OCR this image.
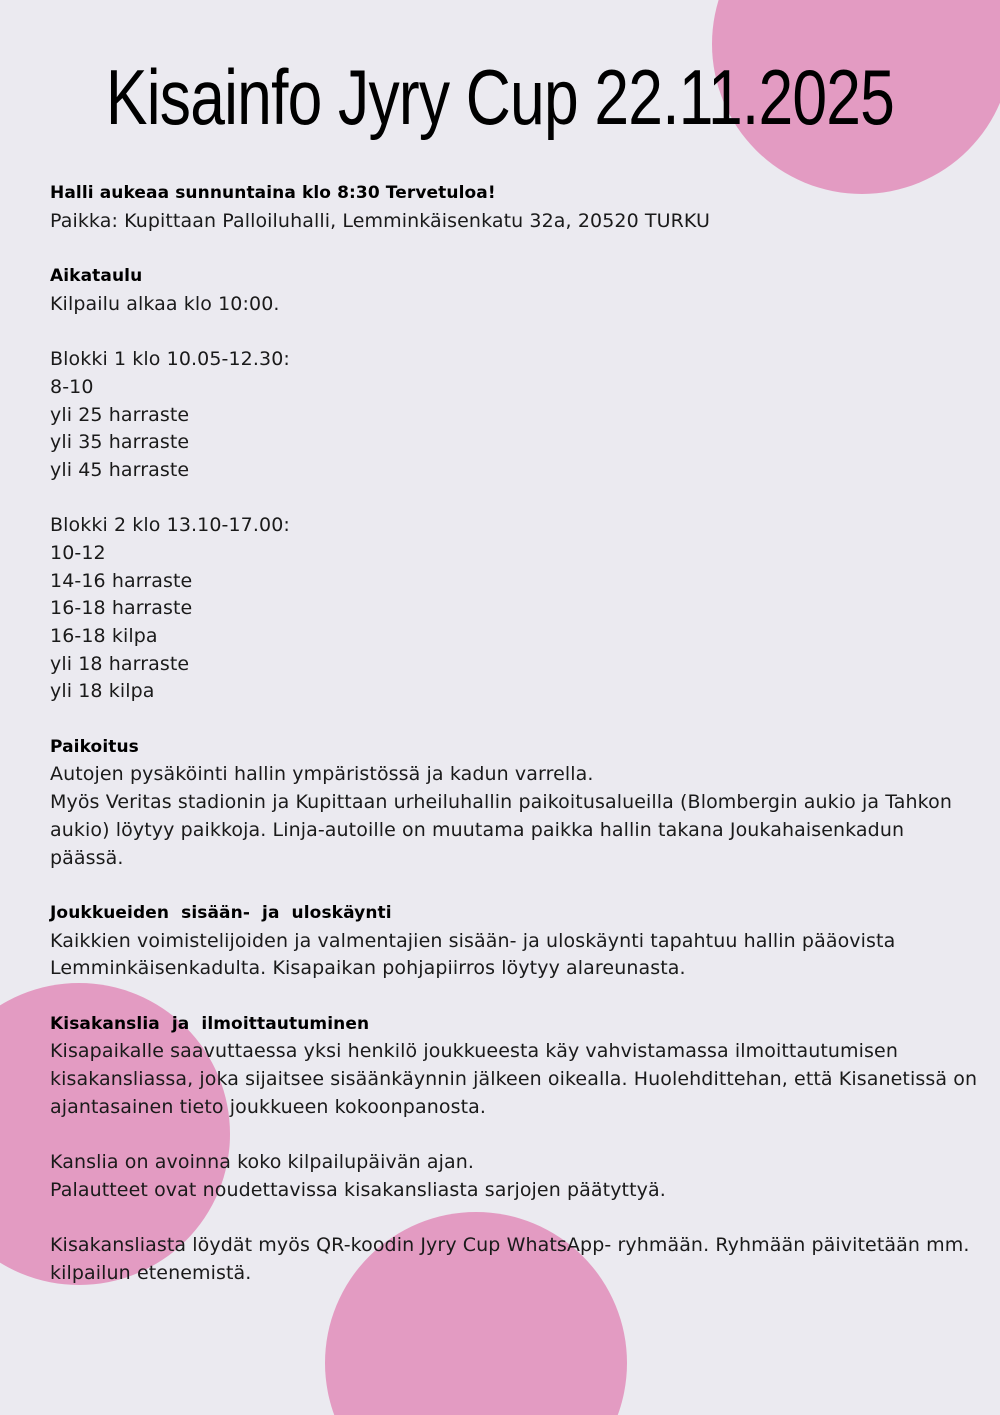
Kisainfo Jyry Cup 22.11.2025
Halli aukeaa sunnuntaina klo 8:30 Tervetuloa!
Paikka: Kupittaan Palloiluhalli, Lemminkäisenkatu 32a, 20520 TURKU
Aikataulu
Kilpailu alkaa klo 10:00.
Blokki 1 klo 10.05-12.30:
8-10
yli 25 harraste
yli 35 harraste
yli 45 harraste
Blokki 2 klo 13.10-17.00:
10-12
14-16 harraste
16-18 harraste
16-18 kilpa
yli 18 harraste
yli 18 kilpa
Paikoitus
Autojen pysäköinti hallin ympäristössä ja kadun varrella.
Myös Veritas stadionin ja Kupittaan urheiluhallin paikoitusalueilla (Blombergin aukio ja Tahkon
aukio) löytyy paikkoja. Linja-autoille on muutama paikka hallin takana Joukahaisenkadun
päässä.
Joukkueiden  sisään-  ja  uloskäynti
Kaikkien voimistelijoiden ja valmentajien sisään- ja uloskäynti tapahtuu hallin pääovista
Lemminkäisenkadulta. Kisapaikan pohjapiirros löytyy alareunasta.
Kisakanslia  ja  ilmoittautuminen
Kisapaikalle saavuttaessa yksi henkilö joukkueesta käy vahvistamassa ilmoittautumisen
kisakansliassa, joka sijaitsee sisäänkäynnin jälkeen oikealla. Huolehdittehan, että Kisanetissä on
ajantasainen tieto joukkueen kokoonpanosta.
Kanslia on avoinna koko kilpailupäivän ajan.
Palautteet ovat noudettavissa kisakansliasta sarjojen päätyttyä.
Kisakansliasta löydät myös QR-koodin Jyry Cup WhatsApp- ryhmään. Ryhmään päivitetään mm.
kilpailun etenemistä.
